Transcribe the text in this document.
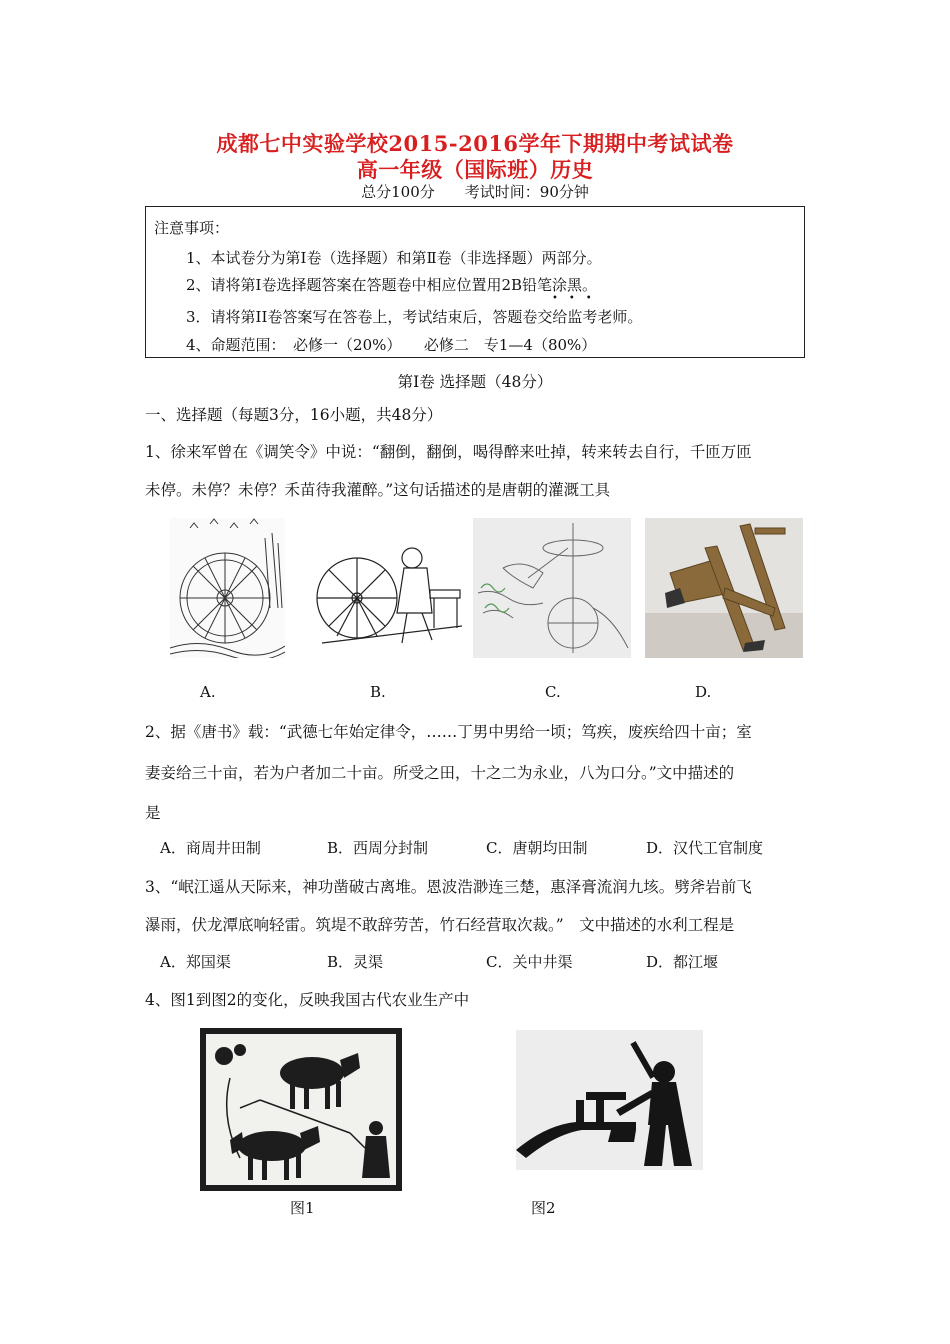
成都七中实验学校2015-2016学年下期期中考试试卷
高一年级（国际班）历史
总分100分　　考试时间：90分钟
注意事项：
1、本试卷分为第Ⅰ卷（选择题）和第Ⅱ卷（非选择题）两部分。
2、请将第Ⅰ卷选择题答案在答题卷中相应位置用2B铅笔涂黑。
3．请将第ⅠⅠ卷答案写在答卷上，考试结束后，答题卷交给监考老师。
4、命题范围：　必修一（20%）　　必修二　专1—4（80%）
•••
第Ⅰ卷 选择题（48分）
一、选择题（每题3分，16小题，共48分）
1、徐来军曾在《调笑令》中说：“翻倒，翻倒，喝得醉来吐掉，转来转去自行，千匝万匝
未停。未停？未停？禾苗待我灌醉。”这句话描述的是唐朝的灌溉工具
A.	B.	C.	D.
2、据《唐书》载：“武德七年始定律令，……丁男中男给一顷；笃疾，废疾给四十亩；室
妻妾给三十亩，若为户者加二十亩。所受之田，十之二为永业，八为口分。”文中描述的
是
A．商周井田制	B．西周分封制	C．唐朝均田制	D．汉代工官制度
3、“岷江遥从天际来，神功凿破古离堆。恩波浩渺连三楚，惠泽膏流润九垓。劈斧岩前飞
瀑雨，伏龙潭底响轻雷。筑堤不敢辞劳苦，竹石经营取次裁。”　文中描述的水利工程是
A．郑国渠	B．灵渠	C．关中井渠	D．都江堰
4、图1到图2的变化，反映我国古代农业生产中
图1	图2
